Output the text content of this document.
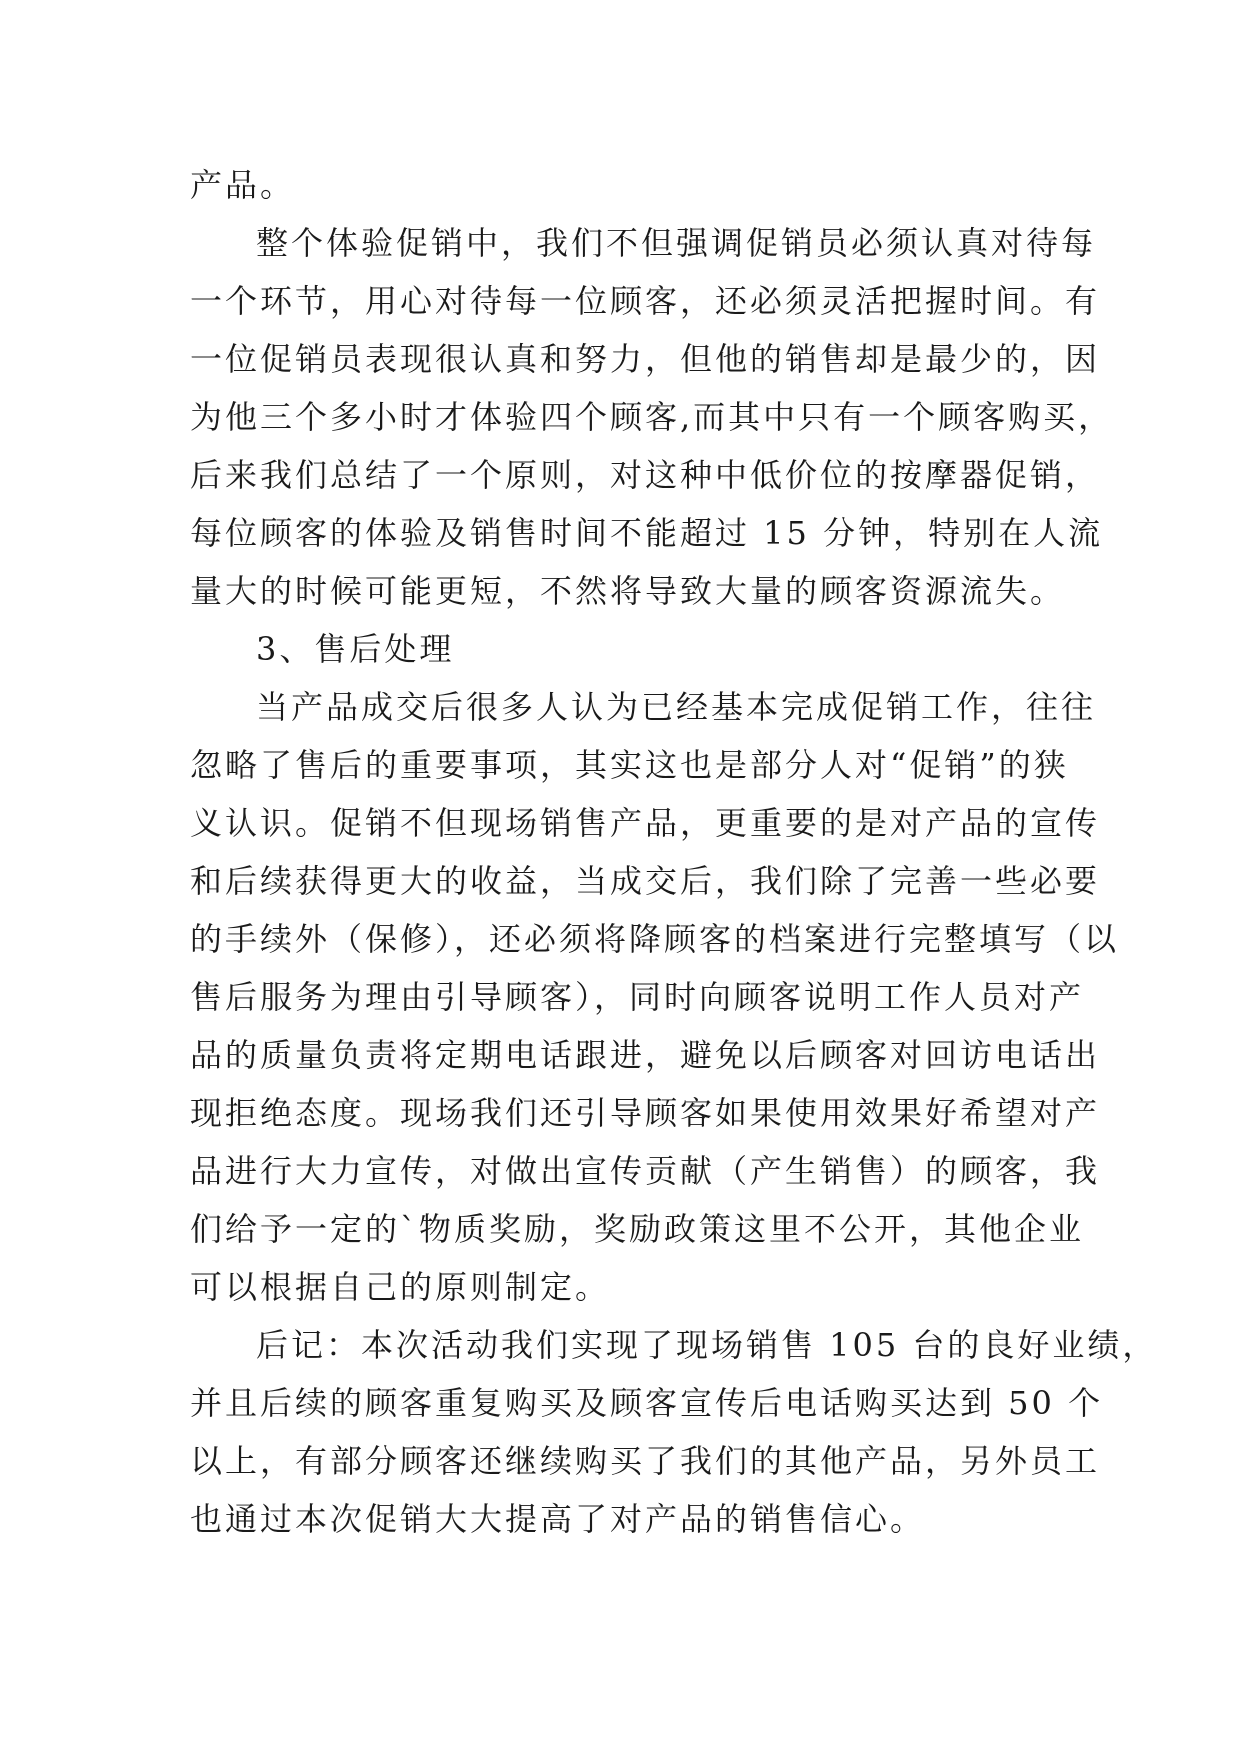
产品。
整个体验促销中，我们不但强调促销员必须认真对待每
一个环节，用心对待每一位顾客，还必须灵活把握时间。有
一位促销员表现很认真和努力，但他的销售却是最少的，因
为他三个多小时才体验四个顾客,而其中只有一个顾客购买，
后来我们总结了一个原则，对这种中低价位的按摩器促销，
每位顾客的体验及销售时间不能超过 15 分钟，特别在人流
量大的时候可能更短，不然将导致大量的顾客资源流失。
3、售后处理
当产品成交后很多人认为已经基本完成促销工作，往往
忽略了售后的重要事项，其实这也是部分人对“促销”的狭
义认识。促销不但现场销售产品，更重要的是对产品的宣传
和后续获得更大的收益，当成交后，我们除了完善一些必要
的手续外（保修），还必须将降顾客的档案进行完整填写（以
售后服务为理由引导顾客），同时向顾客说明工作人员对产
品的质量负责将定期电话跟进，避免以后顾客对回访电话出
现拒绝态度。现场我们还引导顾客如果使用效果好希望对产
品进行大力宣传，对做出宣传贡献（产生销售）的顾客，我
们给予一定的`物质奖励，奖励政策这里不公开，其他企业
可以根据自己的原则制定。
后记：本次活动我们实现了现场销售 105 台的良好业绩，
并且后续的顾客重复购买及顾客宣传后电话购买达到 50 个
以上，有部分顾客还继续购买了我们的其他产品，另外员工
也通过本次促销大大提高了对产品的销售信心。
